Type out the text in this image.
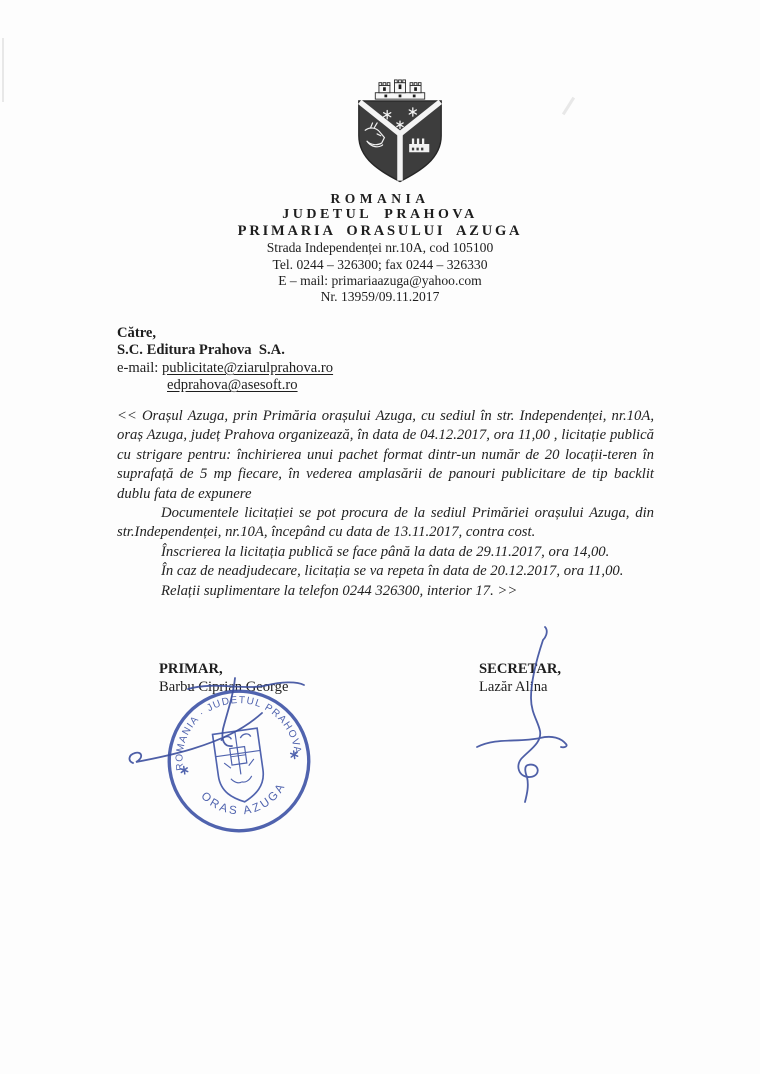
ROMANIA
JUDETUL PRAHOVA
PRIMARIA ORASULUI AZUGA
Strada Independenței nr.10A, cod 105100
Tel. 0244 – 326300; fax 0244 – 326330
E – mail: primariaazuga@yahoo.com
Nr. 13959/09.11.2017
Către,
S.C. Editura Prahova  S.A.
e-mail: publicitate@ziarulprahova.ro
edprahova@asesoft.ro

<< Orașul Azuga, prin Primăria orașului Azuga, cu sediul în str. Independenței, nr.10A, oraș Azuga, județ Prahova organizează, în data de 04.12.2017, ora 11,00 , licitație publică cu strigare pentru: închirierea unui pachet format dintr-un număr de 20 locații-teren în suprafață de 5 mp fiecare, în vederea amplasării de panouri publicitare de tip backlit dublu fata de expunere

Documentele licitației se pot procura de la sediul Primăriei orașului Azuga, din str.Independenței, nr.10A, începând cu data de 13.11.2017, contra cost.

Înscrierea la licitația publică se face până la data de 29.11.2017, ora 14,00.

În caz de neadjudecare, licitația se va repeta în data de 20.12.2017, ora 11,00.

Relații suplimentare la telefon 0244 326300, interior 17. >>

PRIMAR,
Barbu Ciprian George
SECRETAR,
Lazăr Alina
ROMANIA · JUDETUL PRAHOVA
ORAS AZUGA
